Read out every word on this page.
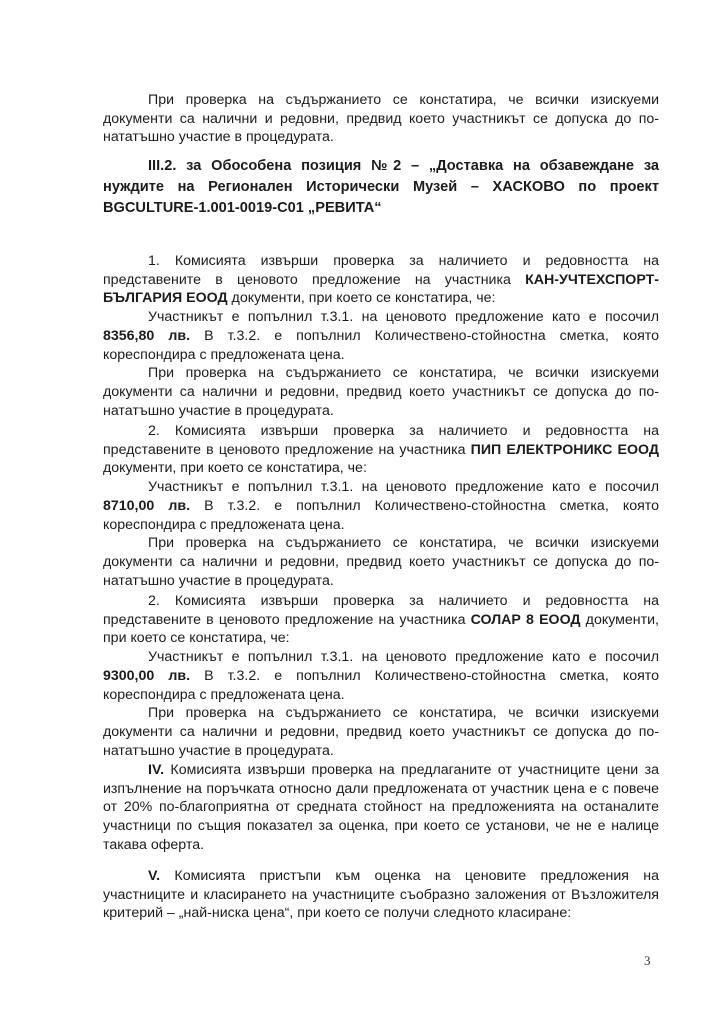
При проверка на съдържанието се констатира, че всички изискуеми документи са налични и редовни, предвид което участникът се допуска до по-нататъшно участие в процедурата.

III.2. за Обособена позиция №2 – „Доставка на обзавеждане за нуждите на Регионален Исторически Музей – ХАСКОВО по проект BGCULTURE-1.001-0019-С01 „РЕВИТА“

1. Комисията извърши проверка за наличието и редовността на представените в ценовото предложение на участника КАН-УЧТЕХСПОРТ-БЪЛГАРИЯ ЕООД документи, при което се констатира, че:

Участникът е попълнил т.3.1. на ценовото предложение като е посочил 8356,80 лв. В т.3.2. е попълнил Количествено-стойностна сметка, която кореспондира с предложената цена.

При проверка на съдържанието се констатира, че всички изискуеми документи са налични и редовни, предвид което участникът се допуска до по-нататъшно участие в процедурата.

2. Комисията извърши проверка за наличието и редовността на представените в ценовото предложение на участника ПИП ЕЛЕКТРОНИКС ЕООД документи, при което се констатира, че:

Участникът е попълнил т.3.1. на ценовото предложение като е посочил 8710,00 лв. В т.3.2. е попълнил Количествено-стойностна сметка, която кореспондира с предложената цена.

При проверка на съдържанието се констатира, че всички изискуеми документи са налични и редовни, предвид което участникът се допуска до по-нататъшно участие в процедурата.

2. Комисията извърши проверка за наличието и редовността на представените в ценовото предложение на участника СОЛАР 8 ЕООД документи, при което се констатира, че:

Участникът е попълнил т.3.1. на ценовото предложение като е посочил 9300,00 лв. В т.3.2. е попълнил Количествено-стойностна сметка, която кореспондира с предложената цена.

При проверка на съдържанието се констатира, че всички изискуеми документи са налични и редовни, предвид което участникът се допуска до по-нататъшно участие в процедурата.

IV. Комисията извърши проверка на предлаганите от участниците цени за изпълнение на поръчката относно дали предложената от участник цена е с повече от 20% по-благоприятна от средната стойност на предложенията на останалите участници по същия показател за оценка, при което се установи, че не е налице такава оферта.

V. Комисията пристъпи към оценка на ценовите предложения на участниците и класирането на участниците съобразно заложения от Възложителя критерий – „най-ниска цена“, при което се получи следното класиране:

3
